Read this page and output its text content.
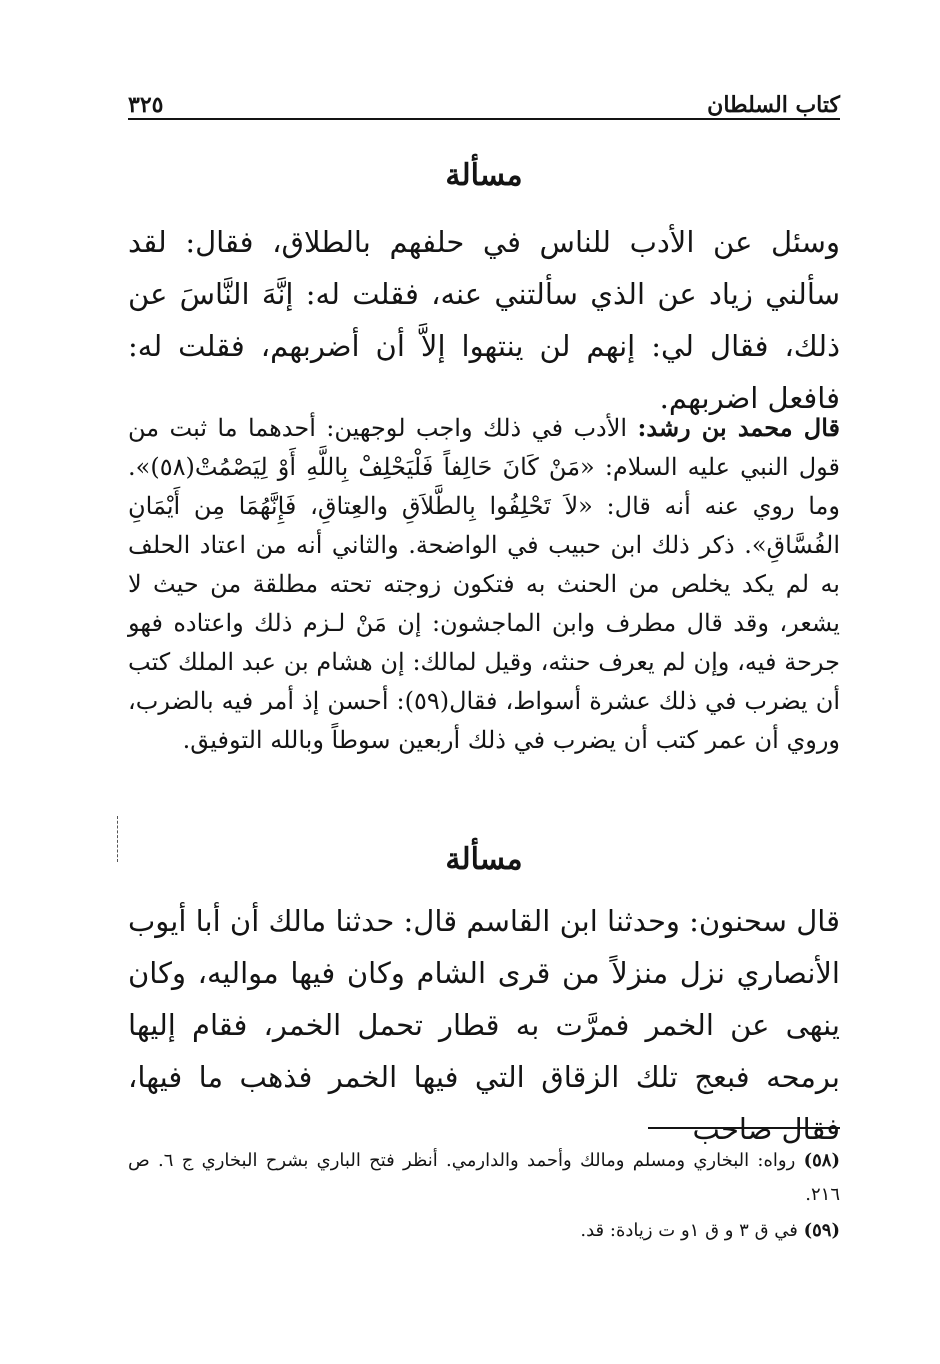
٣٢٥	كتاب السلطان
مسألة

وسئل عن الأدب للناس في حلفهم بالطلاق، فقال: لقد سألني زياد عن الذي سألتني عنه، فقلت له: إنَّهَ النَّاسَ عن ذلك، فقال لي: إنهم لن ينتهوا إلاَّ أن أضربهم، فقلت له: فافعل اضربهم.

قال محمد بن رشد: الأدب في ذلك واجب لوجهين: أحدهما ما ثبت من قول النبي عليه السلام: «مَنْ كَانَ حَالِفاً فَلْيَحْلِفْ بِاللَّهِ أَوْ لِيَصْمُتْ(٥٨)». وما روي عنه أنه قال: «لاَ تَحْلِفُوا بِالطَّلاَقِ والعِتاقِ، فَإِنَّهُمَا مِن أَيْمَانِ الفُسَّاقِ». ذكر ذلك ابن حبيب في الواضحة. والثاني أنه من اعتاد الحلف به لم يكد يخلص من الحنث به فتكون زوجته تحته مطلقة من حيث لا يشعر، وقد قال مطرف وابن الماجشون: إن مَنْ لـزم ذلك واعتاده فهو جرحة فيه، وإن لم يعرف حنثه، وقيل لمالك: إن هشام بن عبد الملك كتب أن يضرب في ذلك عشرة أسواط، فقال(٥٩): أحسن إذ أمر فيه بالضرب، وروي أن عمر كتب أن يضرب في ذلك أربعين سوطاً وبالله التوفيق.

مسألة

قال سحنون: وحدثنا ابن القاسم قال: حدثنا مالك أن أبا أيوب الأنصاري نزل منزلاً من قرى الشام وكان فيها مواليه، وكان ينهى عن الخمر فمرَّت به قطار تحمل الخمر، فقام إليها برمحه فبعج تلك الزقاق التي فيها الخمر فذهب ما فيها، فقال صاحب

(٥٨) رواه: البخاري ومسلم ومالك وأحمد والدارمي. أنظر فتح الباري بشرح البخاري ج ٦. ص ٢١٦.

(٥٩) في ق ٣ و ق ١و ت زيادة: قد.
